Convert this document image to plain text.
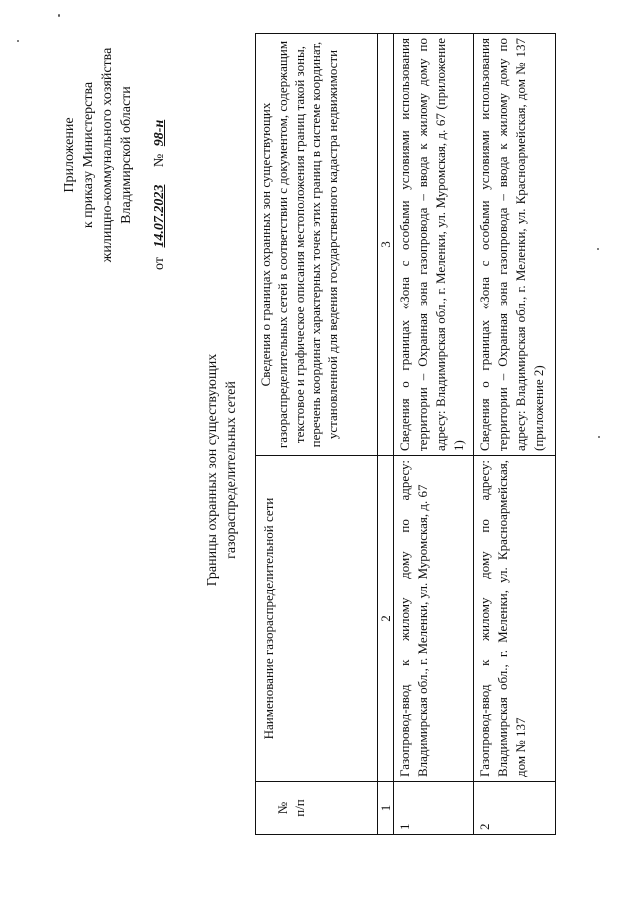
Приложение к приказу Министерства жилищно-коммунального хозяйства Владимирской области
от 14.07.2023 № 98-н
Границы охранных зон существующих газораспределительных сетей
№ п/п
Наименование газораспределительной сети
Сведения о границах охранных зон существующих газораспределительных сетей в соответствии с документом, содержащим текстовое и графическое описания местоположения границ такой зоны, перечень координат характерных точек этих границ в системе координат, установленной для ведения государственного кадастра недвижимости
1
2
3
1
Газопровод-ввод к жилому дому по адресу: Владимирская обл., г. Меленки, ул. Муромская, д. 67
Сведения о границах «Зона с особыми условиями использования территории – Охранная зона газопровода – ввода к жилому дому по адресу: Владимирская обл., г. Меленки, ул. Муромская, д. 67 (приложение 1)
2
Газопровод-ввод к жилому дому по адресу: Владимирская обл., г. Меленки, ул. Красноармейская, дом № 137
Сведения о границах «Зона с особыми условиями использования территории – Охранная зона газопровода – ввода к жилому дому по адресу: Владимирская обл., г. Меленки, ул. Красноармейская, дом № 137 (приложение 2)
